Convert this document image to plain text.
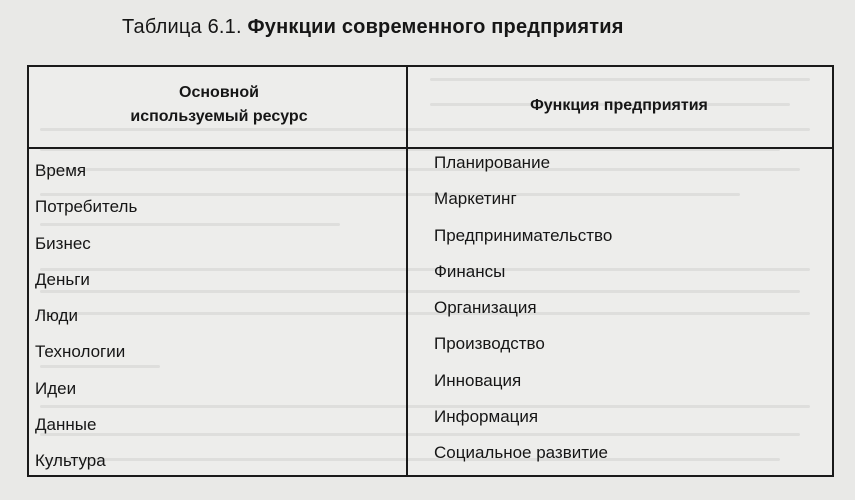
Таблица 6.1. Функции современного предприятия
Основной
используемый ресурс
Функция предприятия
Время
Потребитель
Бизнес
Деньги
Люди
Технологии
Идеи
Данные
Культура
Планирование
Маркетинг
Предпринимательство
Финансы
Организация
Производство
Инновация
Информация
Социальное развитие
